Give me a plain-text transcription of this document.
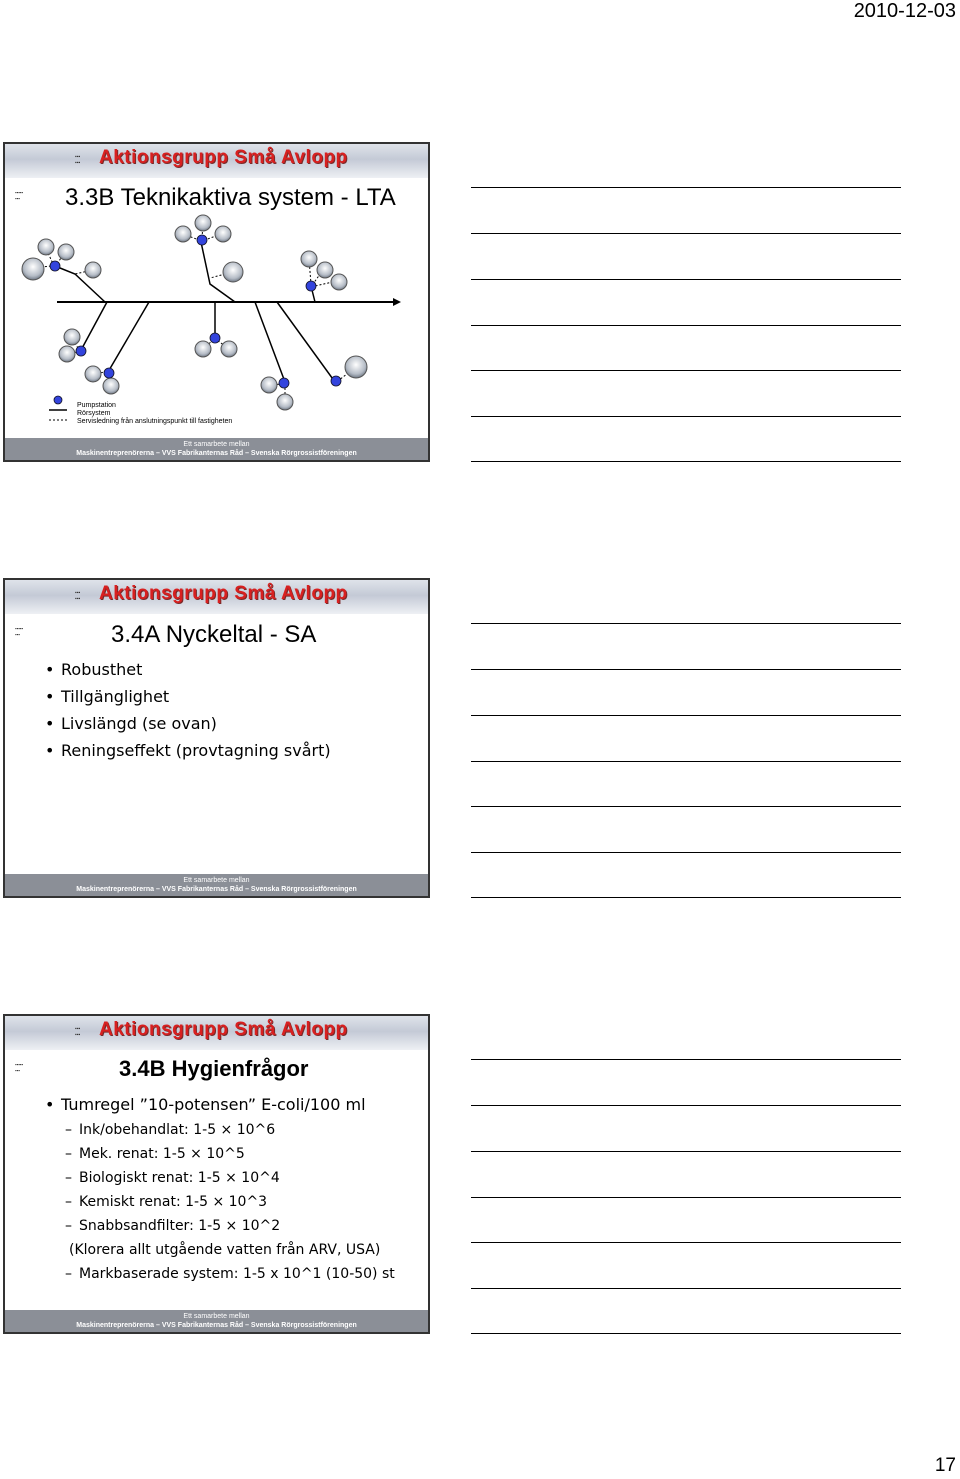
2010-12-03
▪▪▪
▪▪▪ Aktionsgrupp Små Avlopp
▪▪▪▪▪
▪▪▪ 3.3B Teknikaktiva system - LTA
Pumpstation
Rörsystem
Servisledning från anslutningspunkt till fastigheten
Ett samarbete mellan
Maskinentreprenörerna – VVS Fabrikanternas Råd – Svenska Rörgrossistföreningen
▪▪▪
▪▪▪ Aktionsgrupp Små Avlopp
▪▪▪▪▪
▪▪▪	3.4A Nyckeltal - SA
• Robusthet
• Tillgänglighet
• Livslängd (se ovan)
• Reningseffekt (provtagning svårt)
Ett samarbete mellan
Maskinentreprenörerna – VVS Fabrikanternas Råd – Svenska Rörgrossistföreningen
▪▪▪
▪▪▪ Aktionsgrupp Små Avlopp
▪▪▪▪▪
▪▪▪	3.4B Hygienfrågor
• Tumregel ”10-potensen” E-coli/100 ml
– Ink/obehandlat: 1-5 × 10^6
– Mek. renat: 1-5 × 10^5
– Biologiskt renat: 1-5 × 10^4
– Kemiskt renat: 1-5 × 10^3
– Snabbsandfilter: 1-5 × 10^2
(Klorera allt utgående vatten från ARV, USA)
– Markbaserade system: 1-5 x 10^1 (10-50) st
Ett samarbete mellan
Maskinentreprenörerna – VVS Fabrikanternas Råd – Svenska Rörgrossistföreningen
17
